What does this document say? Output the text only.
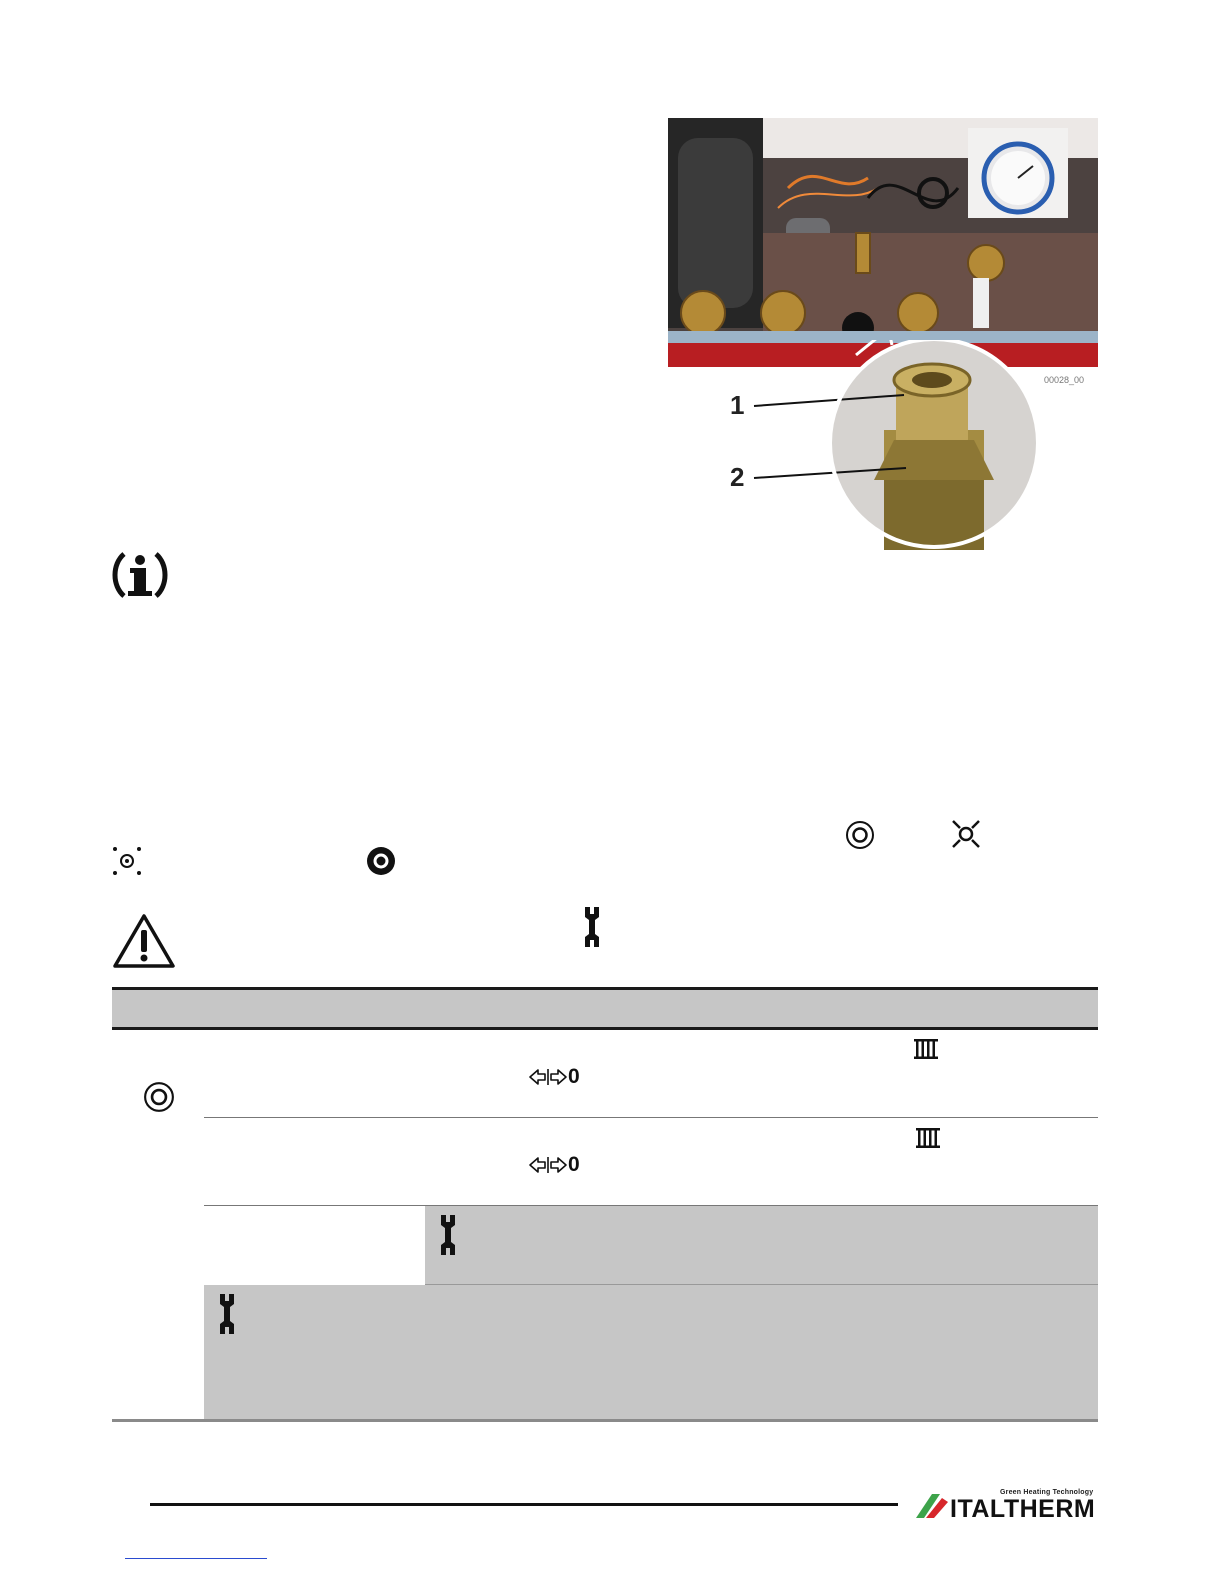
00028_00
1
2
0
0
Green Heating Technology
ITALTHERM
